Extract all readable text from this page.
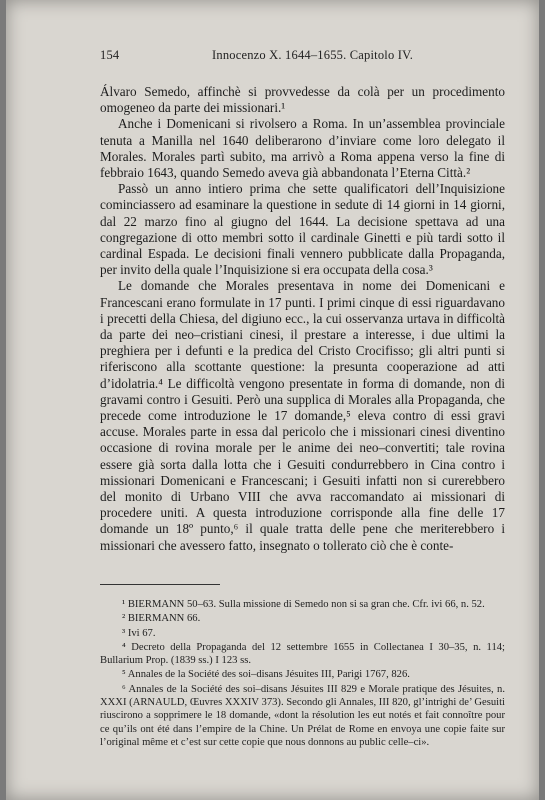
154	Innocenzo X. 1644–1655. Capitolo IV.

Álvaro Semedo, affinchè si provvedesse da colà per un procedimento omogeneo da parte dei missionari.¹

Anche i Domenicani si rivolsero a Roma. In un’assemblea provinciale tenuta a Manilla nel 1640 deliberarono d’inviare come loro delegato il Morales. Morales partì subito, ma arrivò a Roma appena verso la fine di febbraio 1643, quando Semedo aveva già abbandonata l’Eterna Città.²

Passò un anno intiero prima che sette qualificatori dell’Inquisizione cominciassero ad esaminare la questione in sedute di 14 giorni in 14 giorni, dal 22 marzo fino al giugno del 1644. La decisione spettava ad una congregazione di otto membri sotto il cardinale Ginetti e più tardi sotto il cardinal Espada. Le decisioni finali vennero pubblicate dalla Propaganda, per invito della quale l’Inquisizione si era occupata della cosa.³

Le domande che Morales presentava in nome dei Domenicani e Francescani erano formulate in 17 punti. I primi cinque di essi riguardavano i precetti della Chiesa, del digiuno ecc., la cui osservanza urtava in difficoltà da parte dei neo–cristiani cinesi, il prestare a interesse, i due ultimi la preghiera per i defunti e la predica del Cristo Crocifisso; gli altri punti si riferiscono alla scottante questione: la presunta cooperazione ad atti d’idolatria.⁴ Le difficoltà vengono presentate in forma di domande, non di gravami contro i Gesuiti. Però una supplica di Morales alla Propaganda, che precede come introduzione le 17 domande,⁵ eleva contro di essi gravi accuse. Morales parte in essa dal pericolo che i missionari cinesi diventino occasione di rovina morale per le anime dei neo–convertiti; tale rovina essere già sorta dalla lotta che i Gesuiti condurrebbero in Cina contro i missionari Domenicani e Francescani; i Gesuiti infatti non si curerebbero del monito di Urbano VIII che avva raccomandato ai missionari di procedere uniti. A questa introduzione corrisponde alla fine delle 17 domande un 18º punto,⁶ il quale tratta delle pene che meriterebbero i missionari che avessero fatto, insegnato o tollerato ciò che è conte-

¹ BIERMANN 50–63. Sulla missione di Semedo non si sa gran che. Cfr. ivi 66, n. 52.

² BIERMANN 66.

³ Ivi 67.

⁴ Decreto della Propaganda del 12 settembre 1655 in Collectanea I 30–35, n. 114; Bullarium Prop. (1839 ss.) I 123 ss.

⁵ Annales de la Société des soi–disans Jésuites III, Parigi 1767, 826.

⁶ Annales de la Société des soi–disans Jésuites III 829 e Morale pratique des Jésuites, n. XXXI (ARNAULD, Œuvres XXXIV 373). Secondo gli Annales, III 820, gl’intrighi de’ Gesuiti riuscirono a sopprimere le 18 domande, «dont la résolution les eut notés et fait connoître pour ce qu’ils ont été dans l’empire de la Chine. Un Prélat de Rome en envoya une copie faite sur l’original même et c’est sur cette copie que nous donnons au public celle–ci».
